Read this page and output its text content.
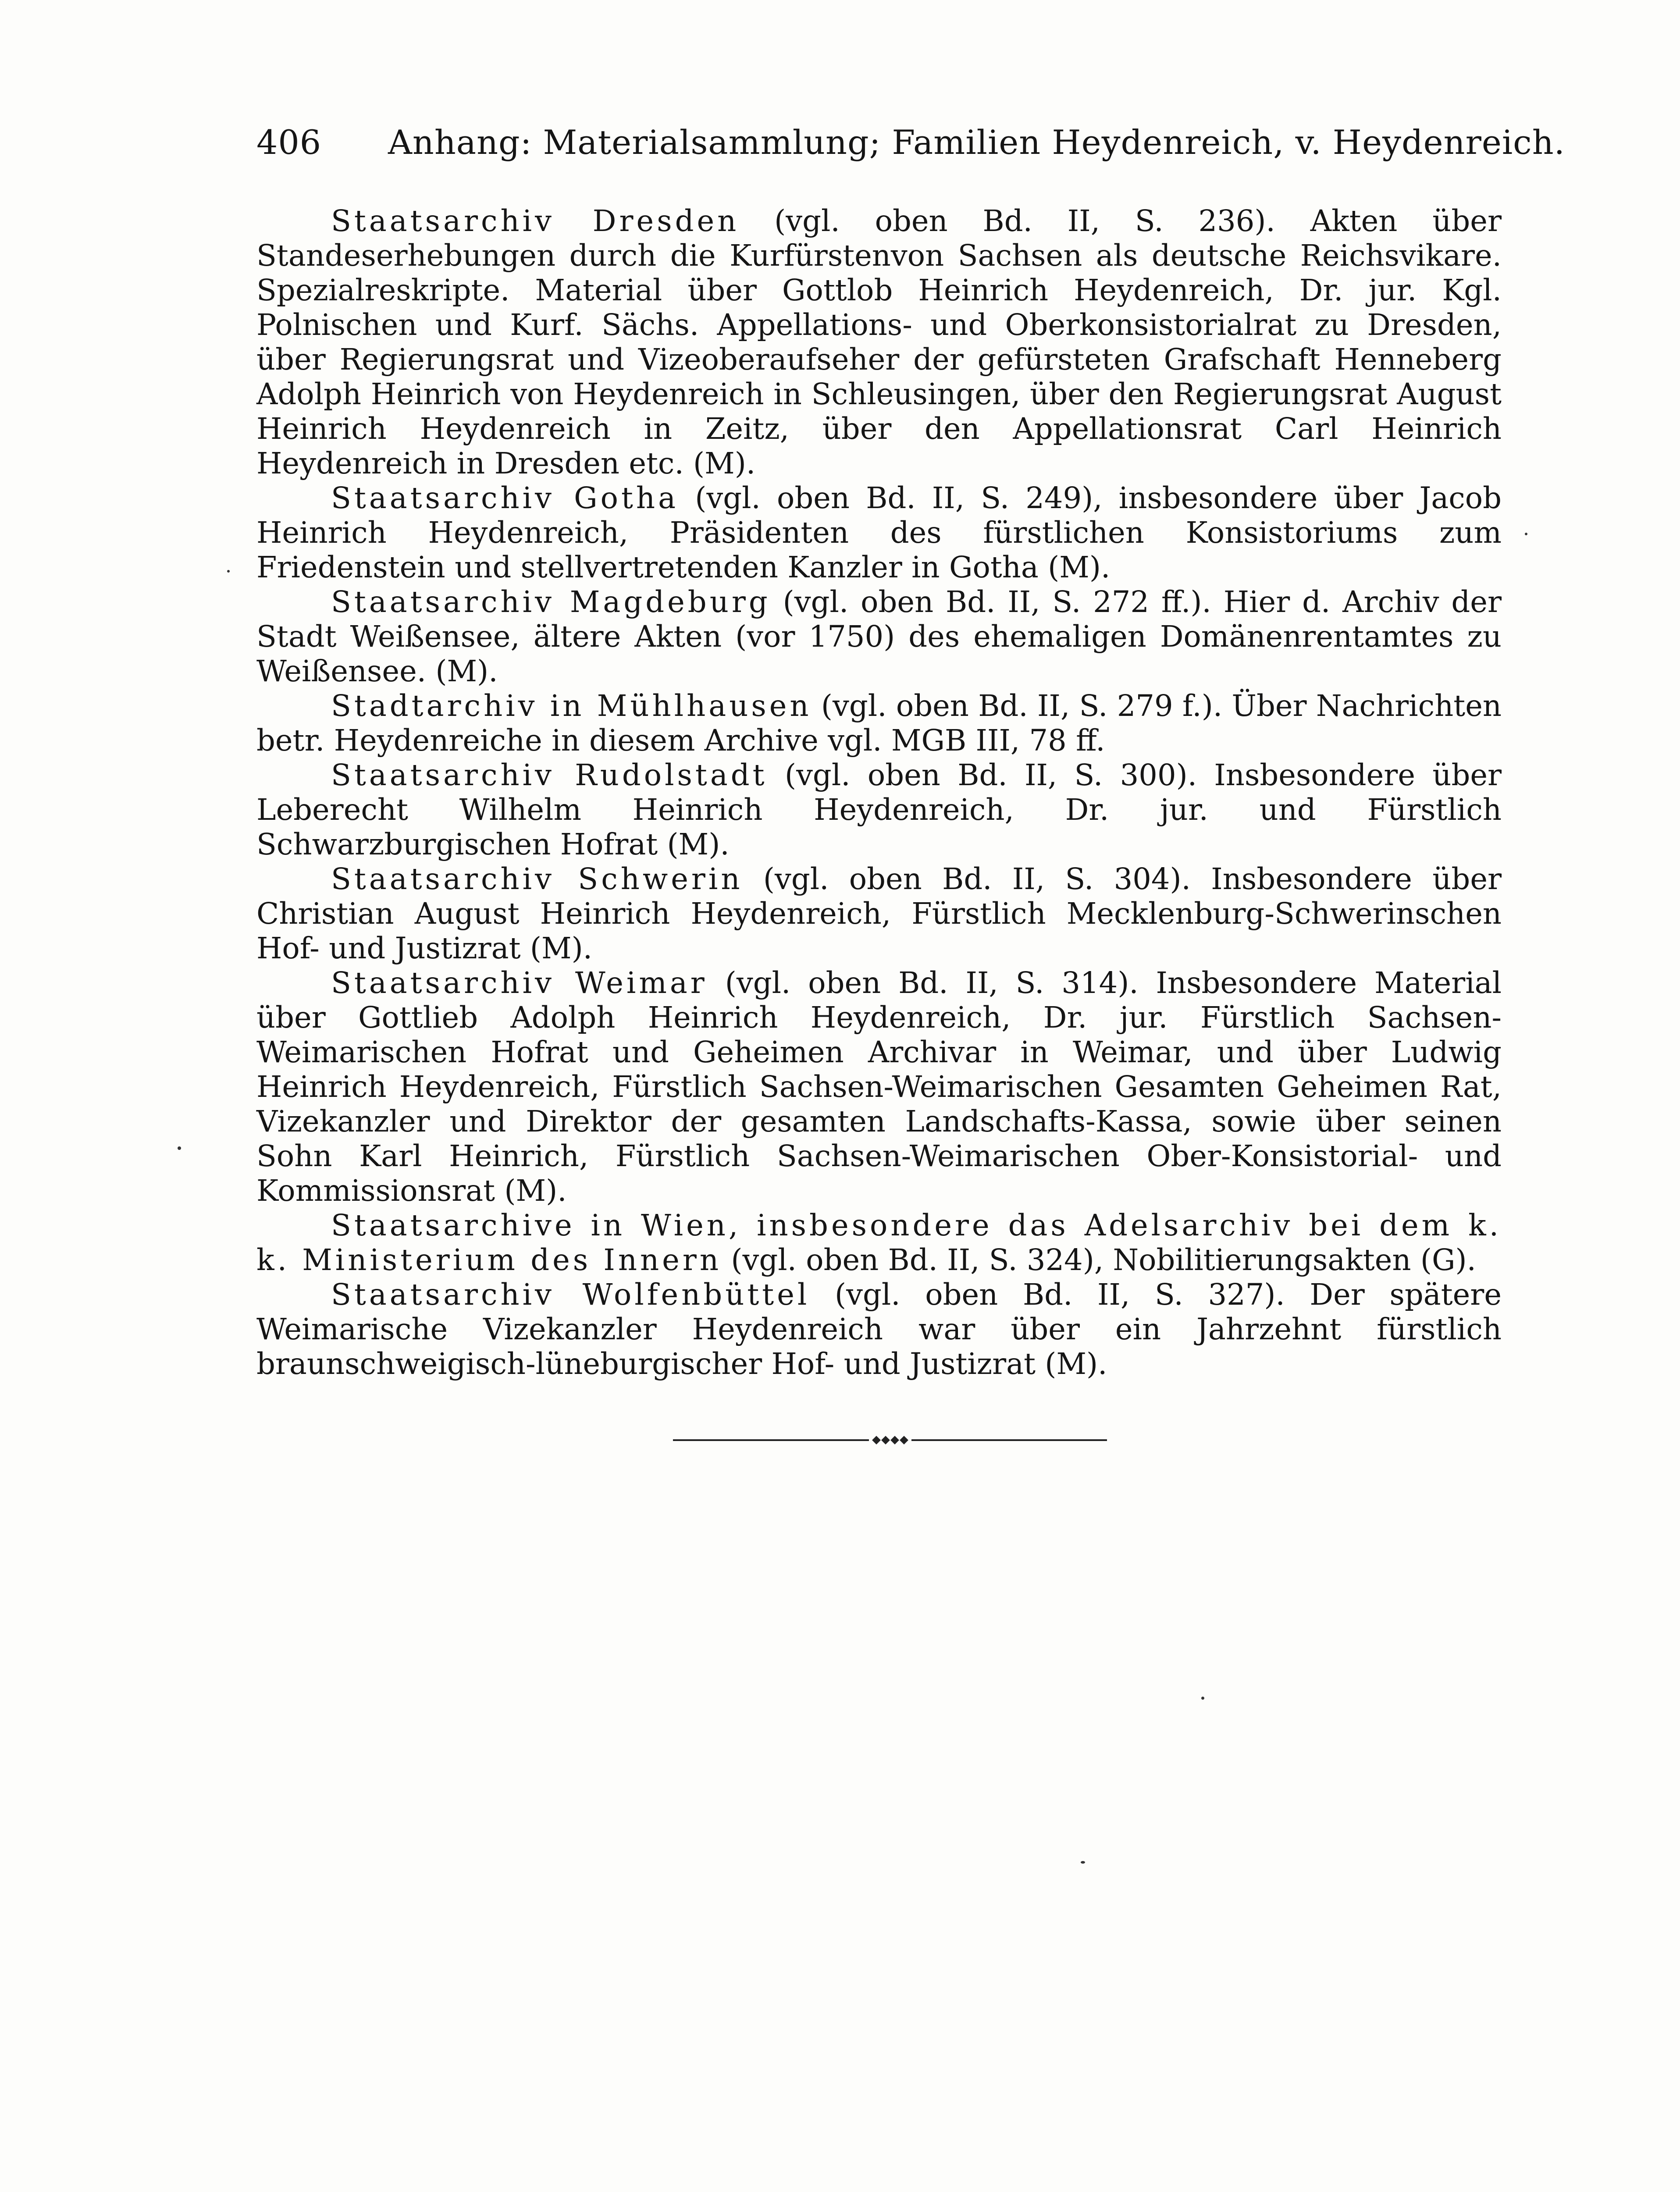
406	Anhang: Materialsammlung; Familien Heydenreich, v. Heydenreich.

Staatsarchiv Dresden (vgl. oben Bd. II, S. 236). Akten über Standeserhebungen durch die Kurfürstenvon Sachsen als deutsche Reichsvikare. Spezialreskripte. Material über Gottlob Heinrich Heydenreich, Dr. jur. Kgl. Polnischen und Kurf. Sächs. Appellations- und Oberkonsistorialrat zu Dresden, über Regierungsrat und Vizeoberaufseher der gefürsteten Grafschaft Henneberg Adolph Heinrich von Heydenreich in Schleusingen, über den Regierungsrat August Heinrich Heydenreich in Zeitz, über den Appellationsrat Carl Heinrich Heydenreich in Dresden etc. (M).

Staatsarchiv Gotha (vgl. oben Bd. II, S. 249), insbesondere über Jacob Heinrich Heydenreich, Präsidenten des fürstlichen Konsistoriums zum Friedenstein und stellvertretenden Kanzler in Gotha (M).

Staatsarchiv Magdeburg (vgl. oben Bd. II, S. 272 ff.). Hier d. Archiv der Stadt Weißensee, ältere Akten (vor 1750) des ehemaligen Domänenrentamtes zu Weißensee. (M).

Stadtarchiv in Mühlhausen (vgl. oben Bd. II, S. 279 f.). Über Nachrichten betr. Heydenreiche in diesem Archive vgl. MGB III, 78 ff.

Staatsarchiv Rudolstadt (vgl. oben Bd. II, S. 300). Insbesondere über Leberecht Wilhelm Heinrich Heydenreich, Dr. jur. und Fürstlich Schwarzburgischen Hofrat (M).

Staatsarchiv Schwerin (vgl. oben Bd. II, S. 304). Insbesondere über Christian August Heinrich Heydenreich, Fürstlich Mecklenburg-Schwerinschen Hof- und Justizrat (M).

Staatsarchiv Weimar (vgl. oben Bd. II, S. 314). Insbesondere Material über Gottlieb Adolph Heinrich Heydenreich, Dr. jur. Fürstlich Sachsen-Weimarischen Hofrat und Geheimen Archivar in Weimar, und über Ludwig Heinrich Heydenreich, Fürstlich Sachsen-Weimarischen Gesamten Geheimen Rat, Vizekanzler und Direktor der gesamten Landschafts-Kassa, sowie über seinen Sohn Karl Heinrich, Fürstlich Sachsen-Weimarischen Ober-Konsistorial- und Kommissionsrat (M).

Staatsarchive in Wien, insbesondere das Adelsarchiv bei dem k. k. Ministerium des Innern (vgl. oben Bd. II, S. 324), Nobilitierungsakten (G).

Staatsarchiv Wolfenbüttel (vgl. oben Bd. II, S. 327). Der spätere Weimarische Vizekanzler Heydenreich war über ein Jahrzehnt fürstlich braunschweigisch-lüneburgischer Hof- und Justizrat (M).
